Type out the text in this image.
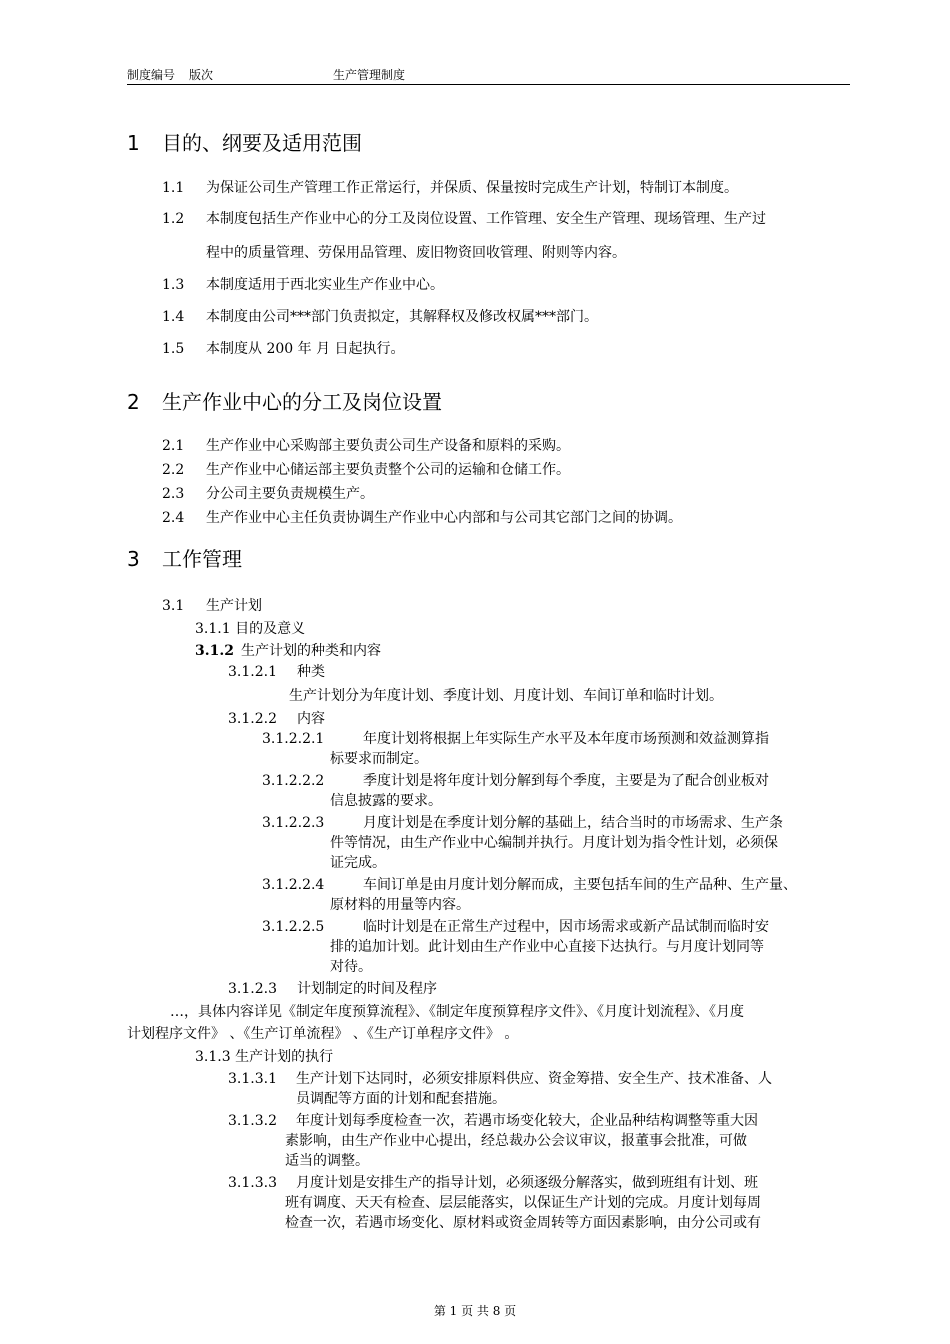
制度编号 版次	生产管理制度
1 目的、纲要及适用范围
1.1 为保证公司生产管理工作正常运行，并保质、保量按时完成生产计划，特制订本制度。
1.2 本制度包括生产作业中心的分工及岗位设置、工作管理、安全生产管理、现场管理、生产过
程中的质量管理、劳保用品管理、废旧物资回收管理、附则等内容。
1.3 本制度适用于西北实业生产作业中心。
1.4 本制度由公司***部门负责拟定，其解释权及修改权属***部门。
1.5 本制度从 200 年 月 日起执行。
2 生产作业中心的分工及岗位设置
2.1 生产作业中心采购部主要负责公司生产设备和原料的采购。
2.2 生产作业中心储运部主要负责整个公司的运输和仓储工作。
2.3 分公司主要负责规模生产。
2.4 生产作业中心主任负责协调生产作业中心内部和与公司其它部门之间的协调。
3 工作管理
3.1 生产计划
3.1.1 目的及意义
3.1.2 生产计划的种类和内容
3.1.2.1 种类
生产计划分为年度计划、季度计划、月度计划、车间订单和临时计划。
3.1.2.2 内容
3.1.2.2.1	年度计划将根据上年实际生产水平及本年度市场预测和效益测算指
标要求而制定。
3.1.2.2.2	季度计划是将年度计划分解到每个季度，主要是为了配合创业板对
信息披露的要求。
3.1.2.2.3	月度计划是在季度计划分解的基础上，结合当时的市场需求、生产条
件等情况，由生产作业中心编制并执行。月度计划为指令性计划，必须保
证完成。
3.1.2.2.4	车间订单是由月度计划分解而成，主要包括车间的生产品种、生产量、
原材料的用量等内容。
3.1.2.2.5	临时计划是在正常生产过程中，因市场需求或新产品试制而临时安
排的追加计划。此计划由生产作业中心直接下达执行。与月度计划同等
对待。
3.1.2.3 计划制定的时间及程序
…，具体内容详见《制定年度预算流程》、《制定年度预算程序文件》、《月度计划流程》、《月度
计划程序文件》 、《生产订单流程》 、《生产订单程序文件》 。
3.1.3 生产计划的执行
3.1.3.1 生产计划下达同时，必须安排原料供应、资金筹措、安全生产、技术准备、人
员调配等方面的计划和配套措施。
3.1.3.2 年度计划每季度检查一次，若遇市场变化较大，企业品种结构调整等重大因
素影响，由生产作业中心提出，经总裁办公会议审议，报董事会批准，可做
适当的调整。
3.1.3.3 月度计划是安排生产的指导计划，必须逐级分解落实，做到班组有计划、班
班有调度、天天有检查、层层能落实，以保证生产计划的完成。月度计划每周
检查一次，若遇市场变化、原材料或资金周转等方面因素影响，由分公司或有
第 1 页 共 8 页
